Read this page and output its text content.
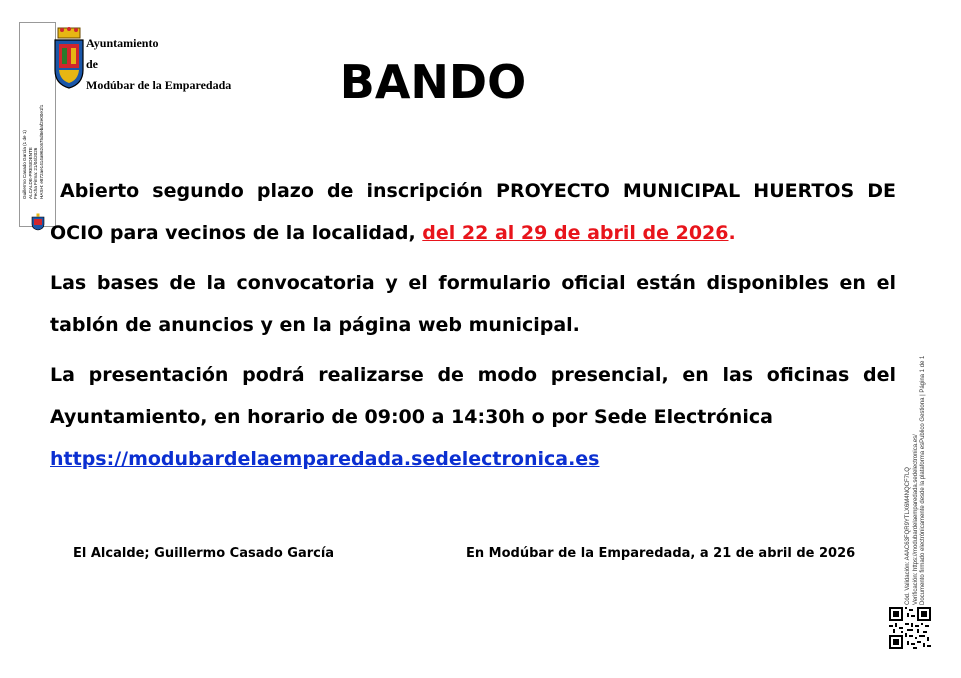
Guillermo Casado García (1 de 1) ALCALDE-PRESIDENTE Fecha Firma: 21/04/2026 HASH: e872ae1414a962c675d8ebaf2e00e1f1
Ayuntamiento
de
Modúbar de la Emparedada	BANDO

Abierto segundo plazo de inscripción PROYECTO MUNICIPAL HUERTOS DE OCIO para vecinos de la localidad, del 22 al 29 de abril de 2026.

Las bases de la convocatoria y el formulario oficial están disponibles en el tablón de anuncios y en la página web municipal.

La presentación podrá realizarse de modo presencial, en las oficinas del Ayuntamiento, en horario de 09:00 a 14:30h o por Sede Electrónica
https://modubardelaemparedada.sedelectronica.es

El Alcalde; Guillermo Casado García	En Modúbar de la Emparedada, a 21 de abril de 2026	Cód. Validación: A4AC63FQR9YTLX6M4NQCF7LQ Verificación: https://modubardelaemparedada.sedelectronica.es/ Documento firmado electrónicamente desde la plataforma esPublico Gestiona | Página 1 de 1
